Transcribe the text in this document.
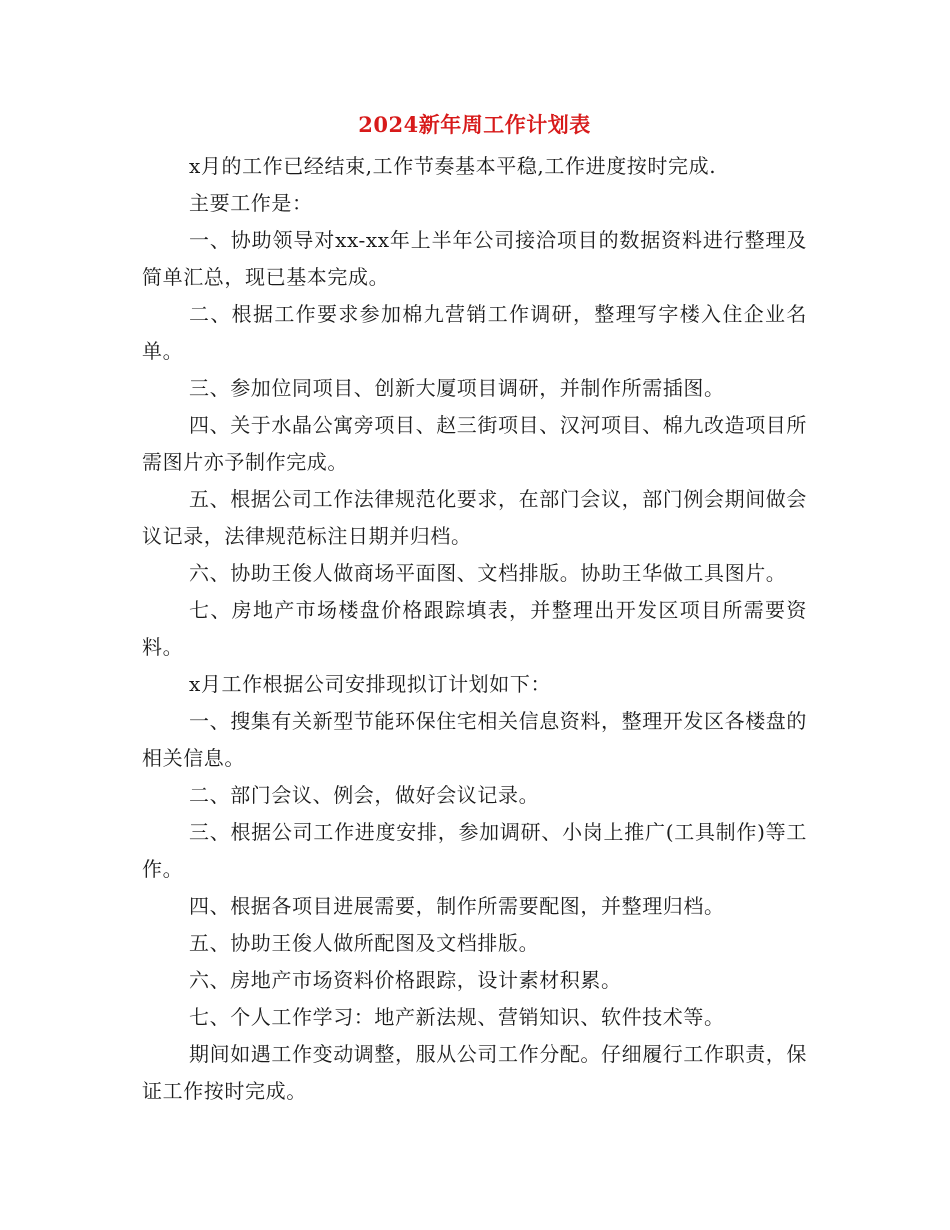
2024新年周工作计划表

x月的工作已经结束,工作节奏基本平稳,工作进度按时完成.

主要工作是：

一、协助领导对xx-xx年上半年公司接洽项目的数据资料进行整理及简单汇总，现已基本完成。

二、根据工作要求参加棉九营销工作调研，整理写字楼入住企业名单。

三、参加位同项目、创新大厦项目调研，并制作所需插图。

四、关于水晶公寓旁项目、赵三街项目、汉河项目、棉九改造项目所需图片亦予制作完成。

五、根据公司工作法律规范化要求，在部门会议，部门例会期间做会议记录，法律规范标注日期并归档。

六、协助王俊人做商场平面图、文档排版。协助王华做工具图片。

七、房地产市场楼盘价格跟踪填表，并整理出开发区项目所需要资料。

x月工作根据公司安排现拟订计划如下：

一、搜集有关新型节能环保住宅相关信息资料，整理开发区各楼盘的相关信息。

二、部门会议、例会，做好会议记录。

三、根据公司工作进度安排，参加调研、小岗上推广(工具制作)等工作。

四、根据各项目进展需要，制作所需要配图，并整理归档。

五、协助王俊人做所配图及文档排版。

六、房地产市场资料价格跟踪，设计素材积累。

七、个人工作学习：地产新法规、营销知识、软件技术等。

期间如遇工作变动调整，服从公司工作分配。仔细履行工作职责，保证工作按时完成。
